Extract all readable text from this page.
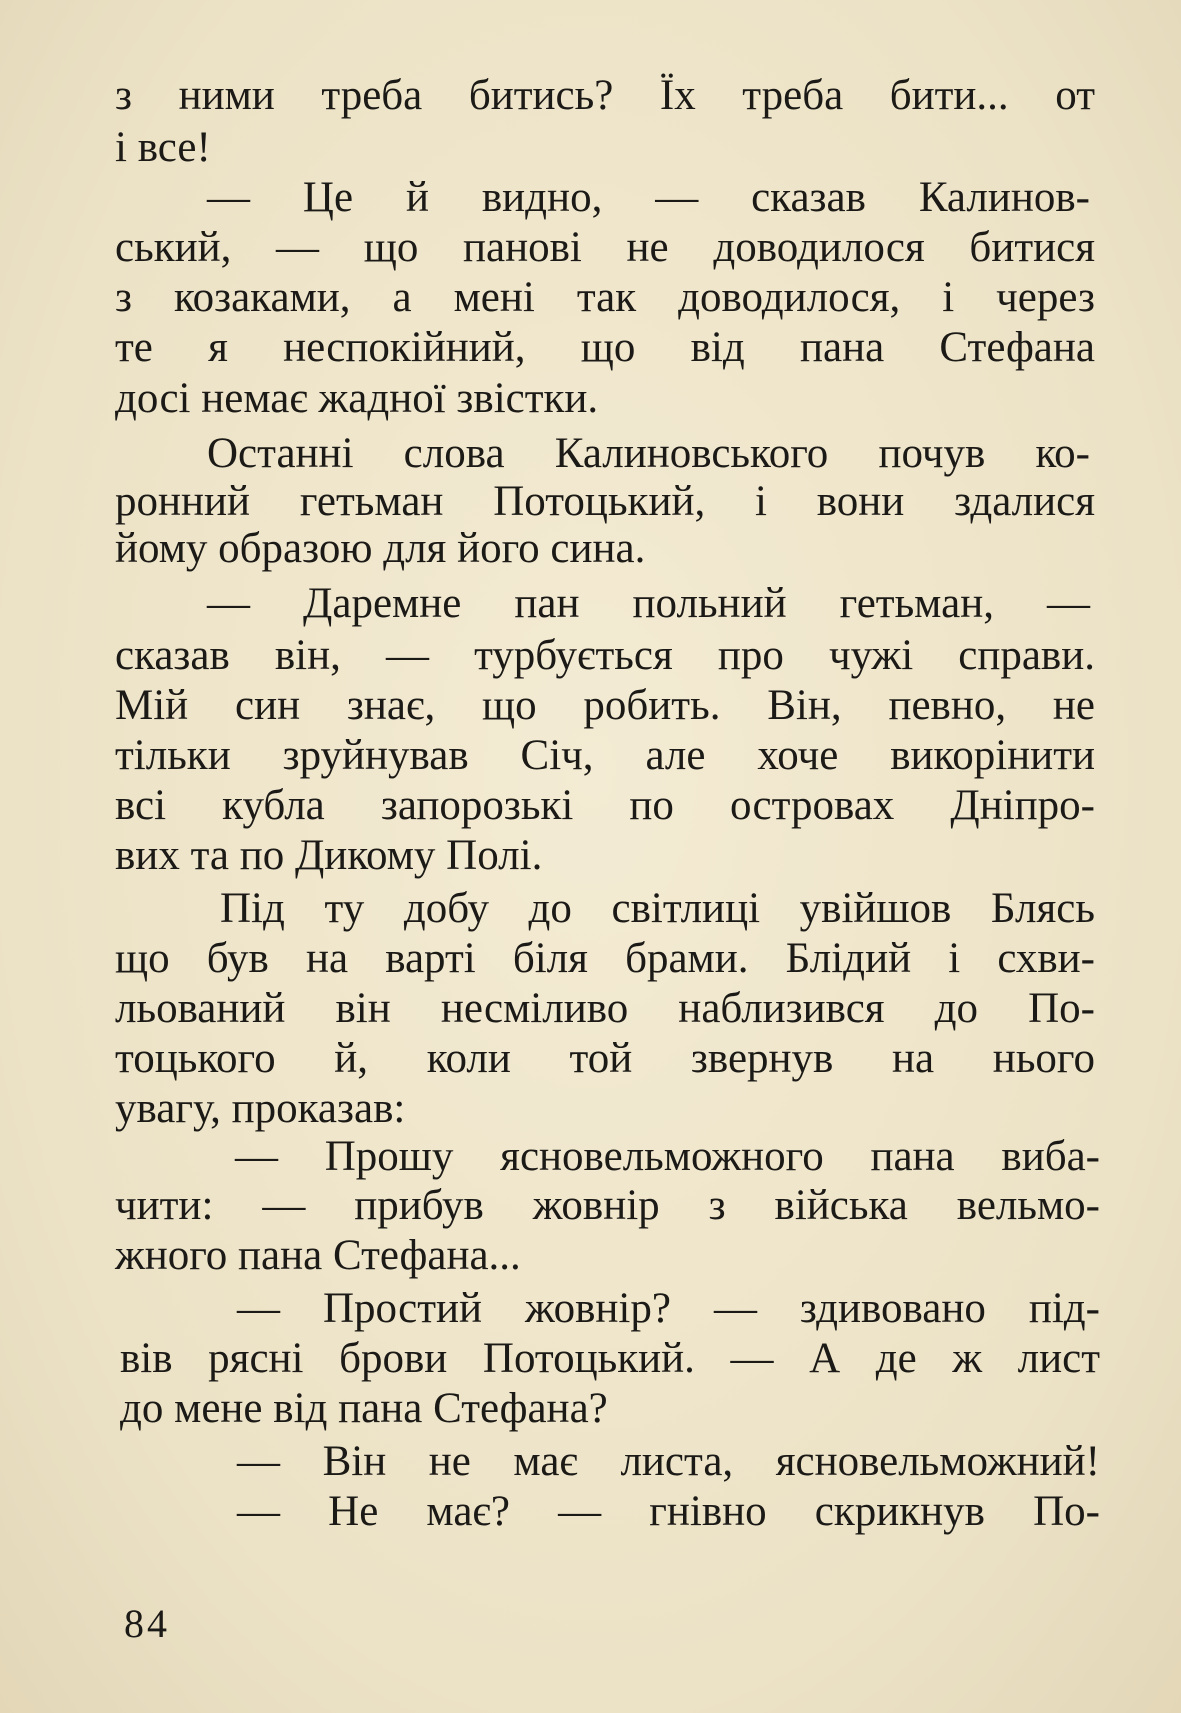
з ними треба битись? Їх треба бити... от
і все!
— Це й видно, — сказав Калинов-
ський, — що панові не доводилося битися
з козаками, а мені так доводилося, і через
те я неспокійний, що від пана Стефана
досі немає жадної звістки.
Останні слова Калиновського почув ко-
ронний гетьман Потоцький, і вони здалися
йому образою для його сина.
— Даремне пан польний гетьман, —
сказав він, — турбується про чужі справи.
Мій син знає, що робить. Він, певно, не
тільки зруйнував Січ, але хоче викорінити
всі кубла запорозькі по островах Дніпро-
вих та по Дикому Полі.
Під ту добу до світлиці увійшов Блясь
що був на варті біля брами. Блідий і схви-
льований він несміливо наблизився до По-
тоцького й, коли той звернув на нього
увагу, проказав:
— Прошу ясновельможного пана виба-
чити: — прибув жовнір з війська вельмо-
жного пана Стефана...
— Простий жовнір? — здивовано під-
вів рясні брови Потоцький. — А де ж лист
до мене від пана Стефана?
— Він не має листа, ясновельможний!
— Не має? — гнівно скрикнув По-
84
